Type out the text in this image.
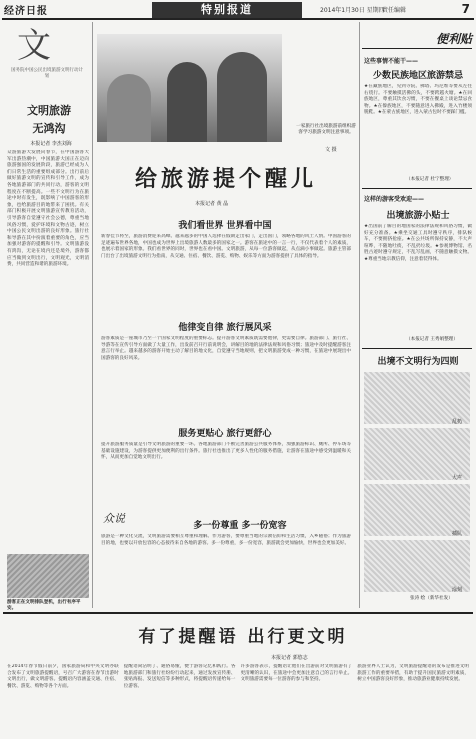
经济日报	特别报道	2014年1月30日 星期四
责任编辑	7
文
国务院中国公民出境旅游文明行动计划
文明旅游
无鸿沟
本报记者 李杰刘海
众游旅游大发展向春节，在中国游客大军出游热潮中，中国旅游大国正在迈向旅游强国的发展阶段，旅游已经成为人们日常生活的重要组成部分。出行前后做好旅游文明的宣传和引导工作，成为各地旅游部门的共同行动，游客的文明程度在不断提高。一些不文明行为在旅途中时有发生，既影响了中国游客的形象，也给旅游目的地带来了困扰。有关部门积极开展文明旅游宣传教育活动，引导游客自觉遵守社会公德，尊重当地风俗习惯，爱护环境和文物古迹，树立中国公民文明出游的良好形象。旅行社和导游在其中扮演着重要的角色，应当加强对游客的提醒和引导。文明旅游没有鸿沟，无论在境内还是境外，游客都应当做到文明出行，文明观光，文明消费，共同营造和谐的旅游环境。
游客正在文明排队登机，出行有序平安。
一家旅行社出境旅游前组织游客学习旅游文明注意事项。
文 摄
给旅游提个醒儿
本报记者 黄 晶
我们看世界 世界看中国
新春佳节将至，旅游消费迎来高峰。越来越多的中国人选择在假期走出家门，走出国门，领略各地的风土人情。中国游客的足迹遍布世界各地，中国也成为世界上出境旅游人数最多的国家之一。游客在旅途中的一言一行，不仅代表着个人的素质，也展示着国家的形象。我们看世界的同时，世界也在看中国。文明旅游，从每一位游客做起，从点滴小事做起。旅游主管部门出台了出境旅游文明行为指南，从交通、住宿、餐饮、游览、购物、娱乐等方面为游客提供了具体的指导。
他律变自律 旅行展风采
游客素质是一座城市乃至一个国家文明程度的重要标志。提升游客文明素质既需要他律，更需要自律。旅游部门、旅行社、导游等在宣传引导方面做了大量工作，出发前召开行前说明会，讲解目的地的法律法规和风俗习惯；旅途中及时提醒游客注意言行举止。越来越多的游客开始主动了解目的地文化，自觉遵守当地规则，把文明旅游变成一种习惯，在旅途中展现出中国游客的良好风采。
服务更贴心 旅行更舒心
提升旅游服务质量是引导文明旅游的重要一环。各地旅游部门不断完善旅游公共服务体系，加强旅游标识、厕所、停车场等基础设施建设，为游客提供更加便利的出行条件。旅行社也推出了更多人性化的服务措施，让游客在旅途中感受到温暖和关怀，从而更加自觉地文明出行。
众说
多一份尊重 多一份宽容
旅游是一种文化交流，文明旅游需要相互尊重和理解。作为游客，要尊重当地的宗教信仰和生活习惯，入乡随俗；作为旅游目的地，也要以开放包容的心态接待来自各地的游客。多一份尊重，多一份宽容，旅游就会更加愉快，世界也会更加美好。
便利贴
这些事情不能干——
少数民族地区旅游禁忌
★在藏族地区，见到寺院、佛塔、玛尼堆等要从左往右绕行。不要触摸活佛的头，不要跨越火塘。★在回族地区，尊重其饮食习惯，不要在餐桌上谈论禁忌食物。★在傣族地区，不要随意进入佛殿，进入竹楼须脱鞋。★在蒙古族地区，进入蒙古包时不要踩门槛。
（本报记者 杜宁整理）
这样的游客受欢迎——
出境旅游小贴士
★出国前了解目的地国家的法律法规和风俗习惯，做好充分准备。★乘坐交通工具时遵守秩序，排队候车，不要拥挤抢座。★在公共场所保持安静，不大声喧哗，不随地吐痰，不乱扔垃圾。★参观博物馆、名胜古迹时遵守规定，不乱写乱画，不随意触摸文物。★尊重当地宗教信仰，注意着装得体。
（本报记者 王秀娟整理）
出境不文明行为四则
乱扔
大声
插队
涂刻
张涛 绘（新华社发）
有了提醒语 出行更文明
本报记者 郭悠志
在2014年春节假日前夕，国家旅游局和中央文明办联合发布了文明旅游提醒语，号召广大游客在春节出游时文明出行，做文明游客。提醒语内容涵盖交通、住宿、餐饮、游览、购物等各个方面。
提醒语简洁明了、通俗易懂，便于游客记忆和践行。各地旅游部门和旅行社纷纷行动起来，通过发放宣传册、张贴海报、发送短信等多种形式，将提醒语传递给每一位游客。
许多游客表示，提醒语让他们在出游前对文明旅游有了更清晰的认识，在旅途中会更加注意自己的言行举止。文明旅游需要每一位游客的参与和坚持。
旅游业界人士认为，文明旅游提醒语的发布是推进文明旅游工作的重要举措，有助于提升国民旅游文明素质，树立中国游客良好形象，推动旅游业健康持续发展。
